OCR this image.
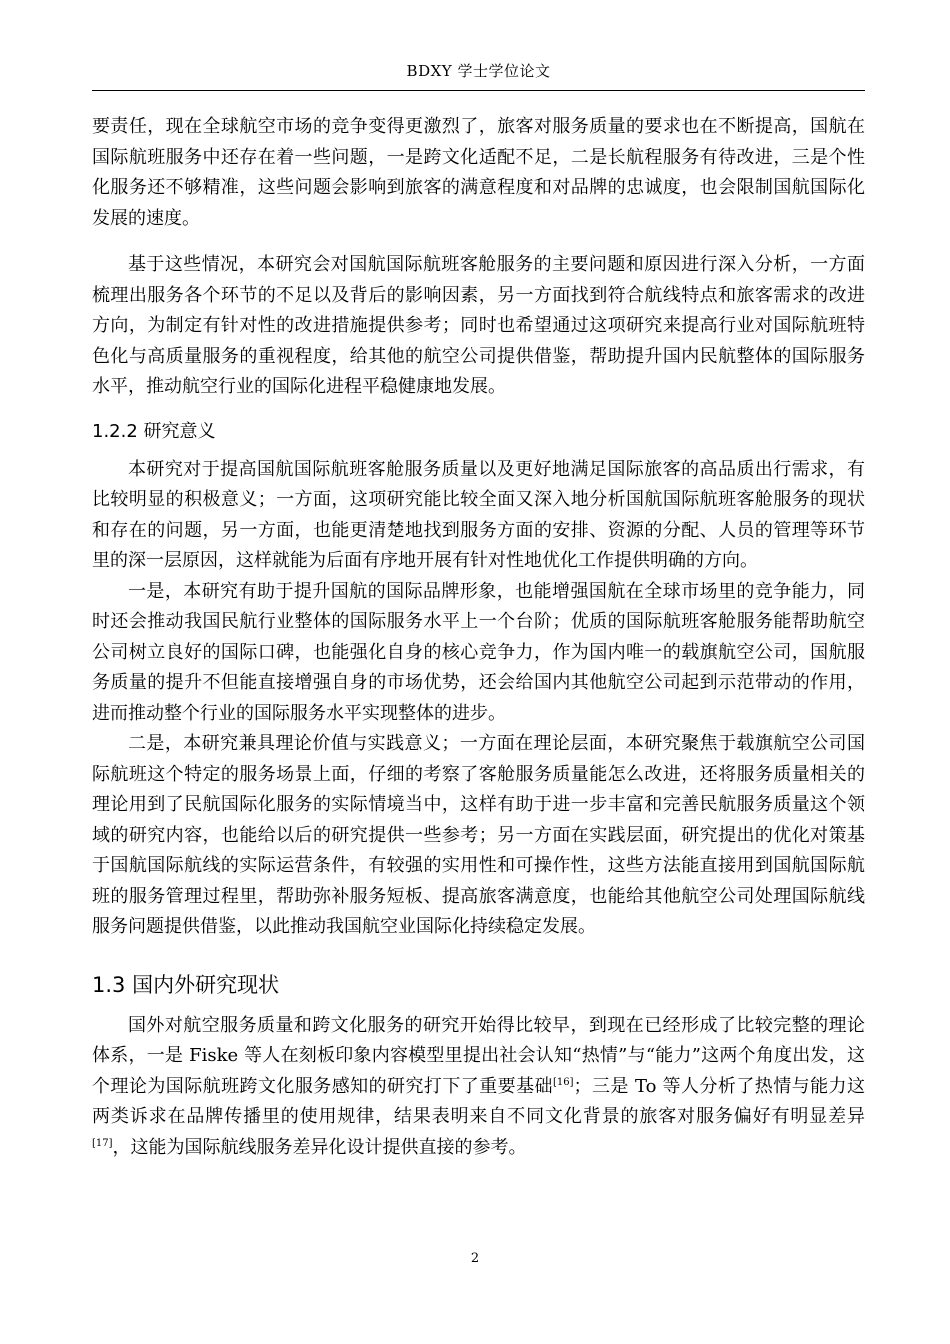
BDXY 学士学位论文

要责任，现在全球航空市场的竞争变得更激烈了，旅客对服务质量的要求也在不断提高，国航在国际航班服务中还存在着一些问题，一是跨文化适配不足，二是长航程服务有待改进，三是个性化服务还不够精准，这些问题会影响到旅客的满意程度和对品牌的忠诚度，也会限制国航国际化发展的速度。

基于这些情况，本研究会对国航国际航班客舱服务的主要问题和原因进行深入分析，一方面梳理出服务各个环节的不足以及背后的影响因素，另一方面找到符合航线特点和旅客需求的改进方向，为制定有针对性的改进措施提供参考；同时也希望通过这项研究来提高行业对国际航班特色化与高质量服务的重视程度，给其他的航空公司提供借鉴，帮助提升国内民航整体的国际服务水平，推动航空行业的国际化进程平稳健康地发展。

1.2.2 研究意义

本研究对于提高国航国际航班客舱服务质量以及更好地满足国际旅客的高品质出行需求，有比较明显的积极意义；一方面，这项研究能比较全面又深入地分析国航国际航班客舱服务的现状和存在的问题，另一方面，也能更清楚地找到服务方面的安排、资源的分配、人员的管理等环节里的深一层原因，这样就能为后面有序地开展有针对性地优化工作提供明确的方向。

一是，本研究有助于提升国航的国际品牌形象，也能增强国航在全球市场里的竞争能力，同时还会推动我国民航行业整体的国际服务水平上一个台阶；优质的国际航班客舱服务能帮助航空公司树立良好的国际口碑，也能强化自身的核心竞争力，作为国内唯一的载旗航空公司，国航服务质量的提升不但能直接增强自身的市场优势，还会给国内其他航空公司起到示范带动的作用，进而推动整个行业的国际服务水平实现整体的进步。

二是，本研究兼具理论价值与实践意义；一方面在理论层面，本研究聚焦于载旗航空公司国际航班这个特定的服务场景上面，仔细的考察了客舱服务质量能怎么改进，还将服务质量相关的理论用到了民航国际化服务的实际情境当中，这样有助于进一步丰富和完善民航服务质量这个领域的研究内容，也能给以后的研究提供一些参考；另一方面在实践层面，研究提出的优化对策基于国航国际航线的实际运营条件，有较强的实用性和可操作性，这些方法能直接用到国航国际航班的服务管理过程里，帮助弥补服务短板、提高旅客满意度，也能给其他航空公司处理国际航线服务问题提供借鉴，以此推动我国航空业国际化持续稳定发展。

1.3 国内外研究现状

国外对航空服务质量和跨文化服务的研究开始得比较早，到现在已经形成了比较完整的理论体系，一是 Fiske 等人在刻板印象内容模型里提出社会认知“热情”与“能力”这两个角度出发，这个理论为国际航班跨文化服务感知的研究打下了重要基础[16]；三是 To 等人分析了热情与能力这两类诉求在品牌传播里的使用规律，结果表明来自不同文化背景的旅客对服务偏好有明显差异[17]，这能为国际航线服务差异化设计提供直接的参考。

2
